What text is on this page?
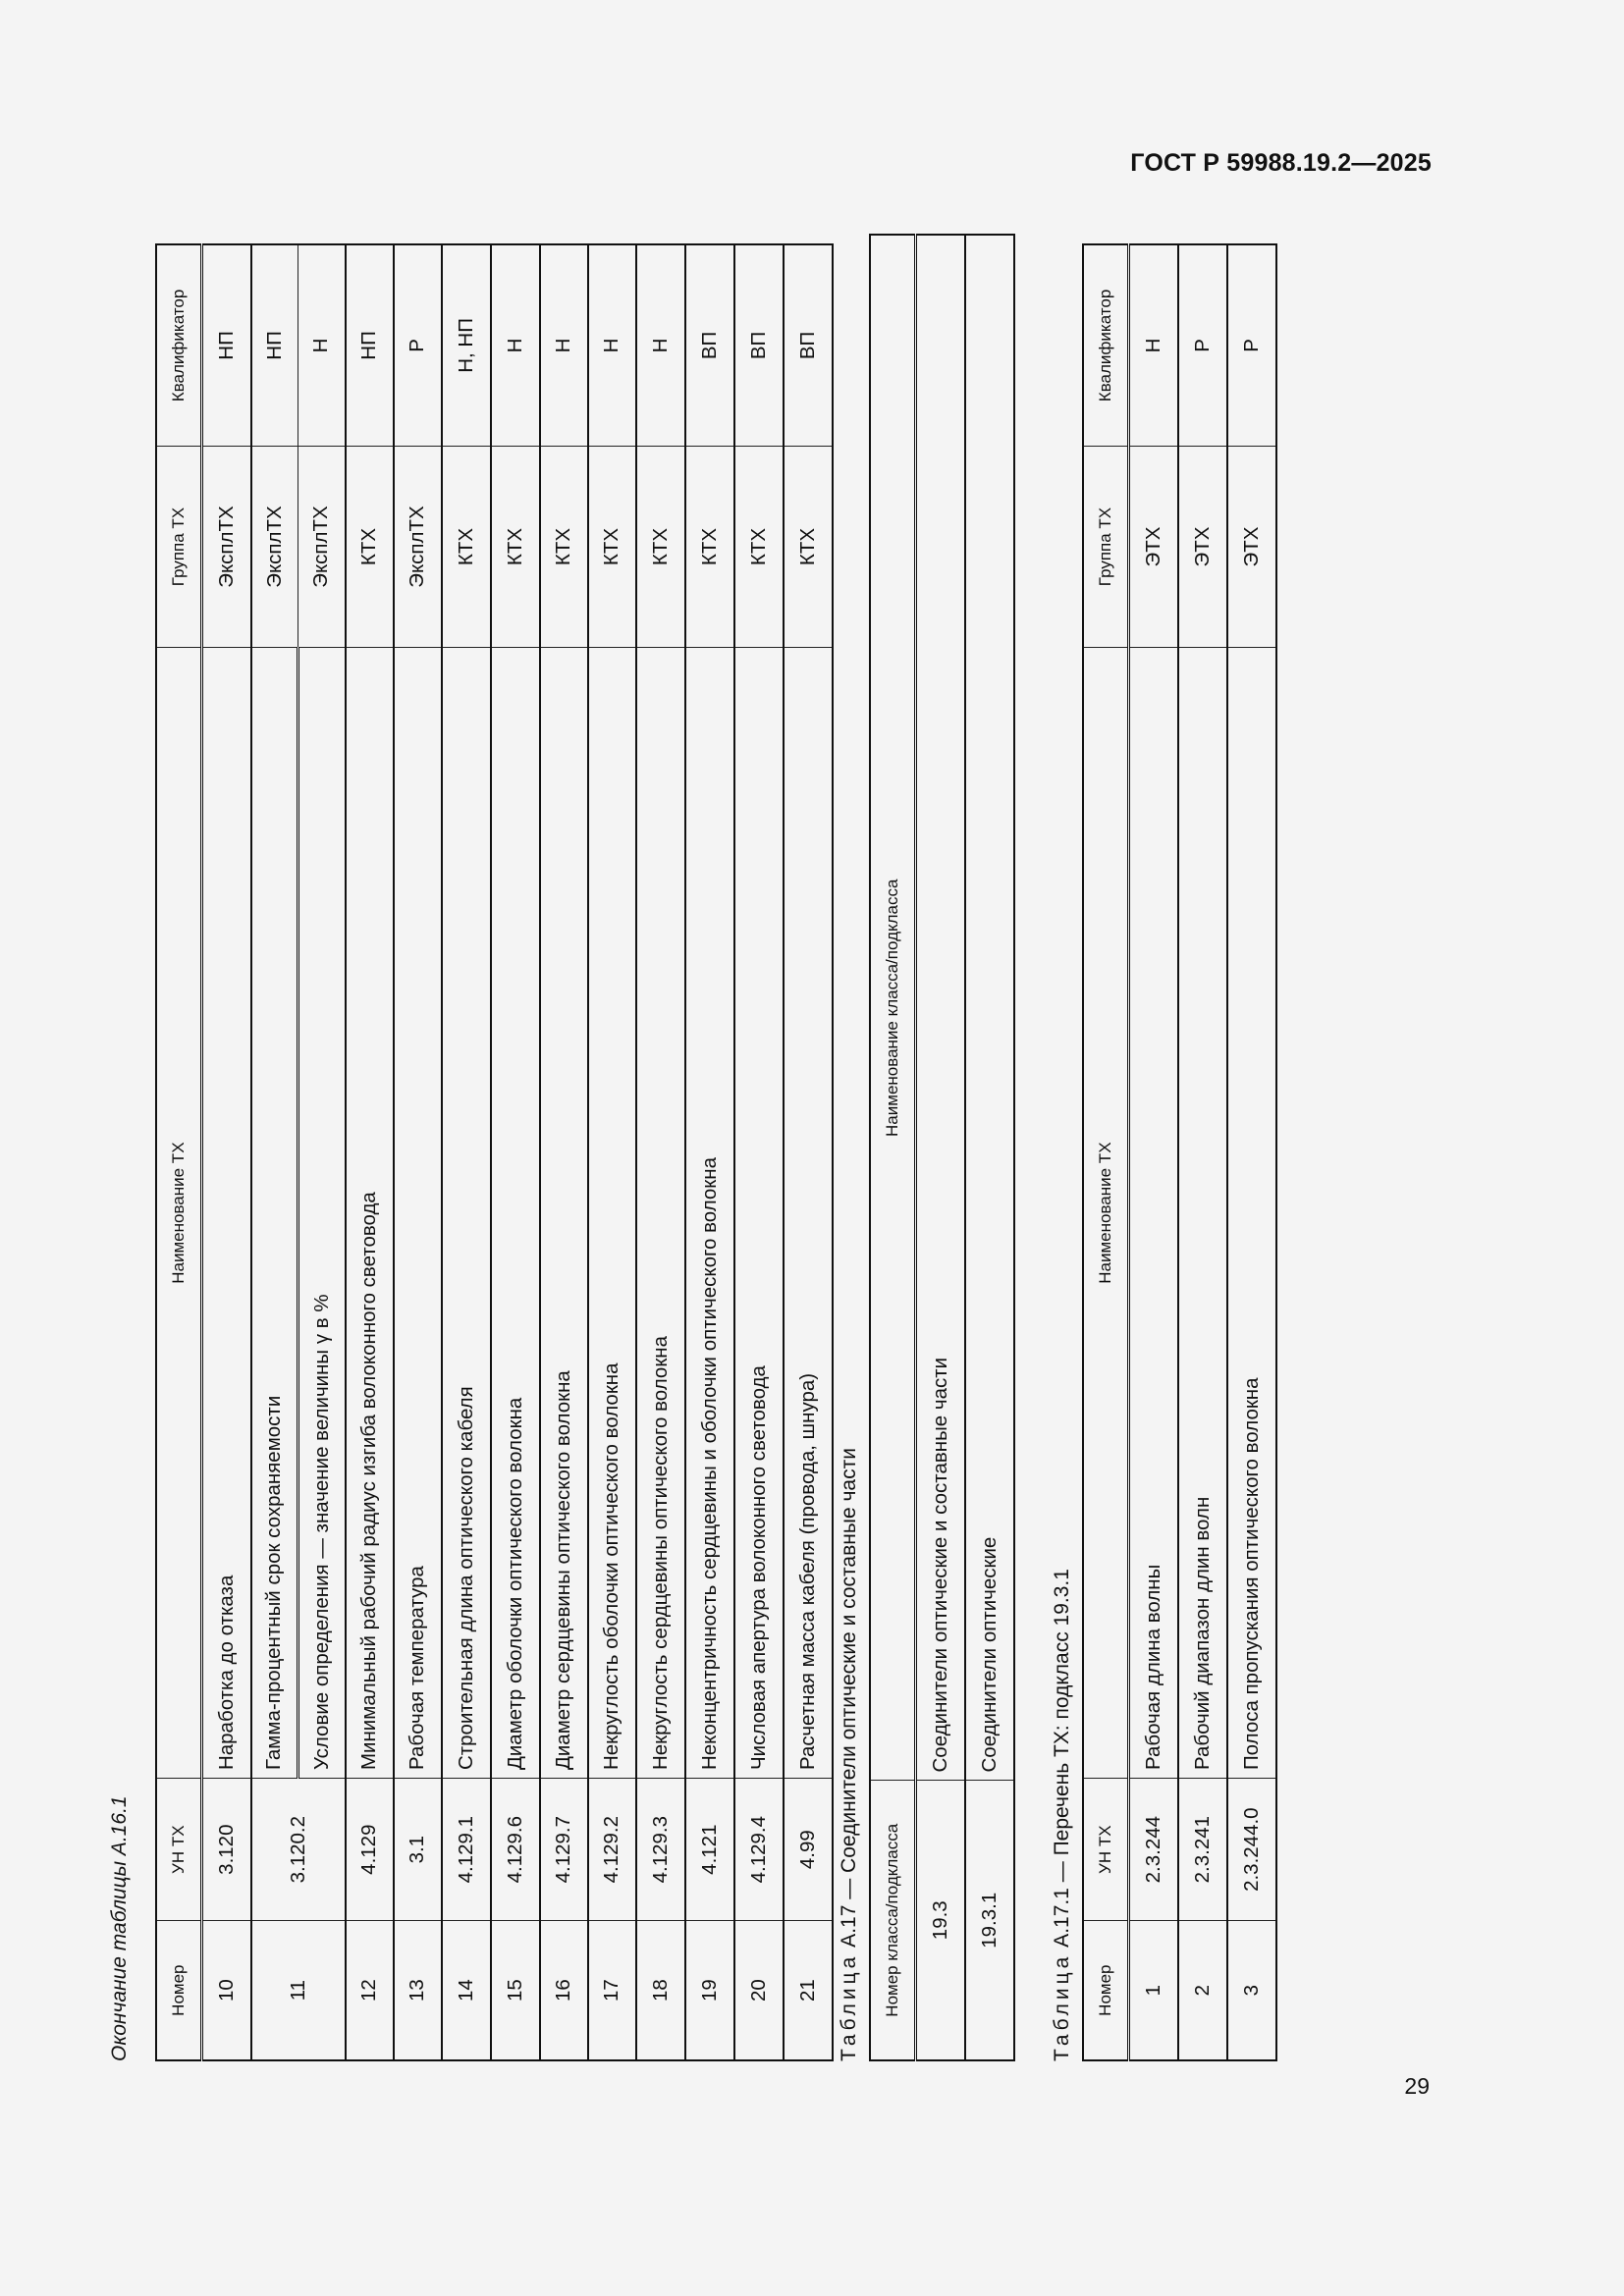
ГОСТ Р 59988.19.2—2025
29
Окончание таблицы А.16.1 Номер	УН ТХ	Наименование ТХ	Группа ТХ	Квалификатор
10	3.120	Наработка до отказа	ЭксплТХ	НП
11	3.120.2	Гамма-процентный срок сохраняемости	ЭксплТХ	НП
		Условие определения — значение величины γ в %	ЭксплТХ	Н
12	4.129	Минимальный рабочий радиус изгиба волоконного световода	КТХ	НП
13	3.1	Рабочая температура	ЭксплТХ	Р
14	4.129.1	Строительная длина оптического кабеля	КТХ	Н, НП
15	4.129.6	Диаметр оболочки оптического волокна	КТХ	Н
16	4.129.7	Диаметр сердцевины оптического волокна	КТХ	Н
17	4.129.2	Некруглость оболочки оптического волокна	КТХ	Н
18	4.129.3	Некруглость сердцевины оптического волокна	КТХ	Н
19	4.121	Неконцентричность сердцевины и оболочки оптического волокна	КТХ	ВП
20	4.129.4	Числовая апертура волоконного световода	КТХ	ВП
21	4.99	Расчетная масса кабеля (провода, шнура)	КТХ	ВП
Таблица А.17 — Соединители оптические и составные части Номер класса/подкласса	Наименование класса/подкласса
19.3	Соединители оптические и составные части
19.3.1	Соединители оптические
Таблица А.17.1 — Перечень ТХ: подкласс 19.3.1
Номер	УН ТХ	Наименование ТХ	Группа ТХ	Квалификатор
1	2.3.244	Рабочая длина волны	ЭТХ	Н
2	2.3.241	Рабочий диапазон длин волн	ЭТХ	Р
3	2.3.244.0	Полоса пропускания оптического волокна	ЭТХ	Р
